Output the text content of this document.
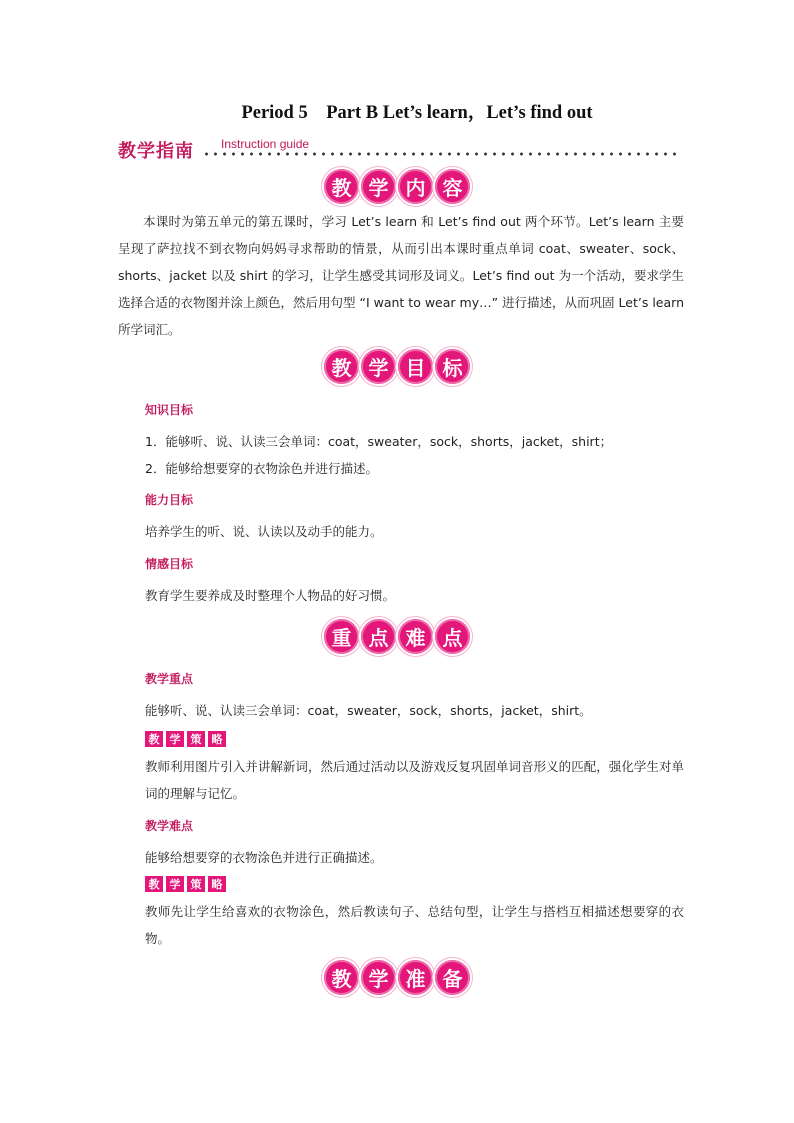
Period 5　Part B Let’s learn，Let’s find out
教学指南 Instruction guide
教 学 内 容
本课时为第五单元的第五课时，学习 Let’s learn 和 Let’s find out 两个环节。Let’s learn 主要呈现了萨拉找不到衣物向妈妈寻求帮助的情景，从而引出本课时重点单词 coat、sweater、sock、shorts、jacket 以及 shirt 的学习，让学生感受其词形及词义。Let’s find out 为一个活动，要求学生选择合适的衣物图并涂上颜色，然后用句型 “I want to wear my…” 进行描述，从而巩固 Let’s learn 所学词汇。
教 学 目 标
知识目标
1．能够听、说、认读三会单词：coat，sweater，sock，shorts，jacket，shirt；
2．能够给想要穿的衣物涂色并进行描述。
能力目标
培养学生的听、说、认读以及动手的能力。
情感目标
教育学生要养成及时整理个人物品的好习惯。
重 点 难 点
教学重点
能够听、说、认读三会单词：coat，sweater，sock，shorts，jacket，shirt。
教 学 策 略
教师利用图片引入并讲解新词，然后通过活动以及游戏反复巩固单词音形义的匹配，强化学生对单词的理解与记忆。
教学难点
能够给想要穿的衣物涂色并进行正确描述。
教 学 策 略
教师先让学生给喜欢的衣物涂色，然后教读句子、总结句型，让学生与搭档互相描述想要穿的衣物。
教 学 准 备
